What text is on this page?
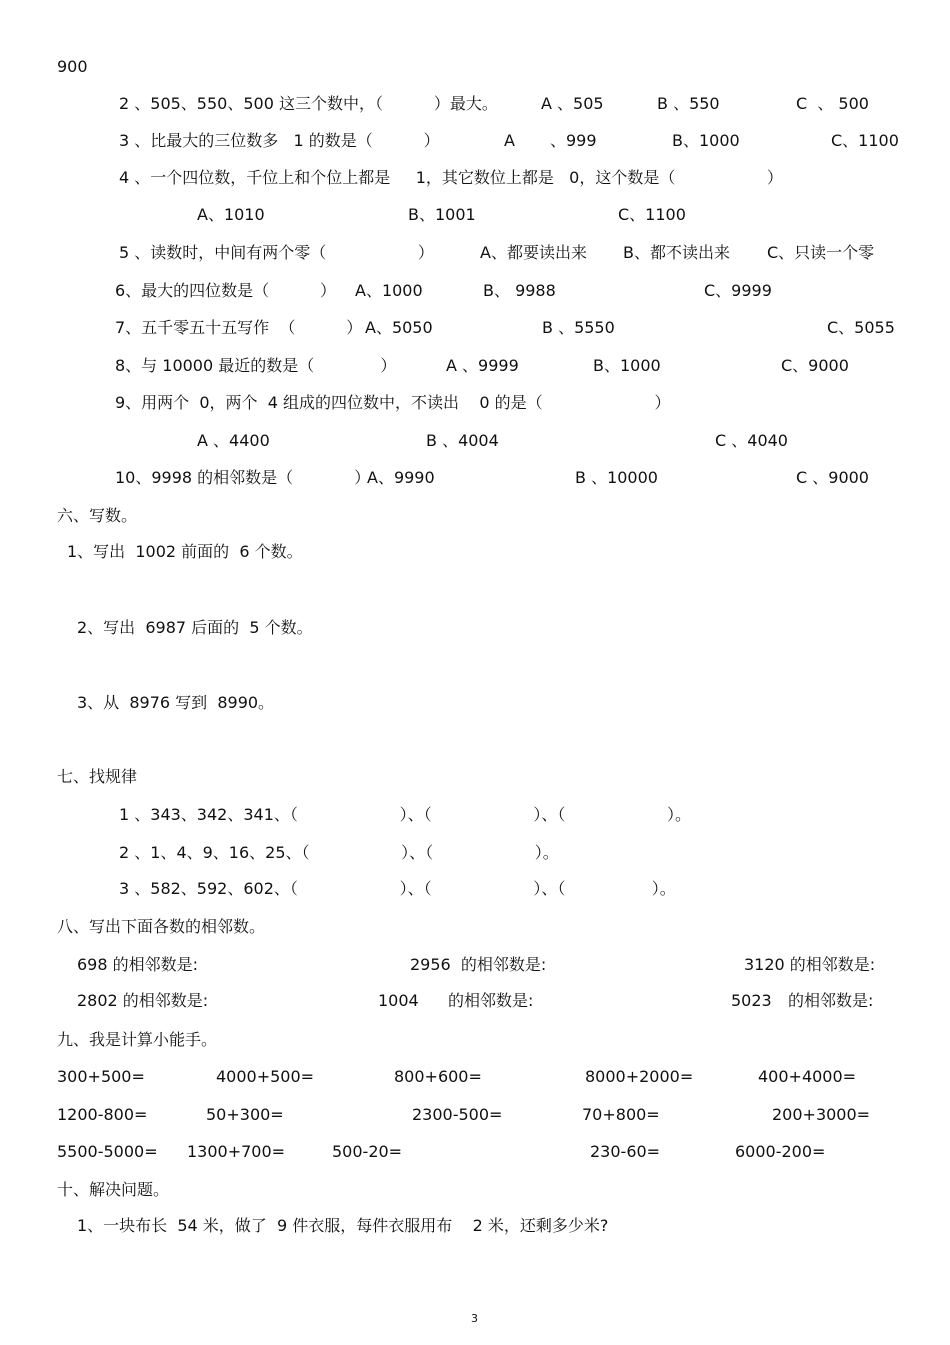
900
2 、505、550、500 这三个数中，（          ）最大。	A 、505	B 、550	C  、 500
3 、比最大的三位数多   1 的数是（          ）	A 、999	B、1000	C、1100
4 、一个四位数，千位上和个位上都是     1，其它数位上都是   0，这个数是（                  ）
A、1010	B、1001	C、1100
5 、读数时，中间有两个零（                  ）	A、都要读出来 B、都不读出来 C、只读一个零
6、最大的四位数是（          ） A、1000	B、 9988	C、9999
7、五千零五十五写作  （          ） A、5050	B 、5550	C、5055
8、与 10000 最近的数是（             ）	A 、9999	B、1000	C、9000
9、用两个  0，两个  4 组成的四位数中，不读出    0 的是（                      ）
A 、4400	B 、4004	C 、4040
10、9998 的相邻数是（            ）
A、9990	B 、10000	C 、9000
六、写数。
1、写出  1002 前面的  6 个数。
2、写出  6987 后面的  5 个数。
3、从  8976 写到  8990。
七、找规律
1 、343、342、341、（                    ）、（                    ）、（                    ）。
2 、1、4、9、16、25、（                  ）、（                    ）。
3 、582、592、602、（                    ）、（                    ）、（                 ）。
八、写出下面各数的相邻数。
698 的相邻数是:	2956  的相邻数是:	3120 的相邻数是:
2802 的相邻数是:	1004 的相邻数是:	5023 的相邻数是:
九、我是计算小能手。
300+500=	4000+500=	800+600=	8000+2000=	400+4000=
1200-800=	50+300=	2300-500=	70+800=	200+3000=
5500-5000= 1300+700=	500-20=	230-60=	6000-200=
十、解决问题。
1、一块布长  54 米，做了  9 件衣服，每件衣服用布    2 米，还剩多少米?
3
